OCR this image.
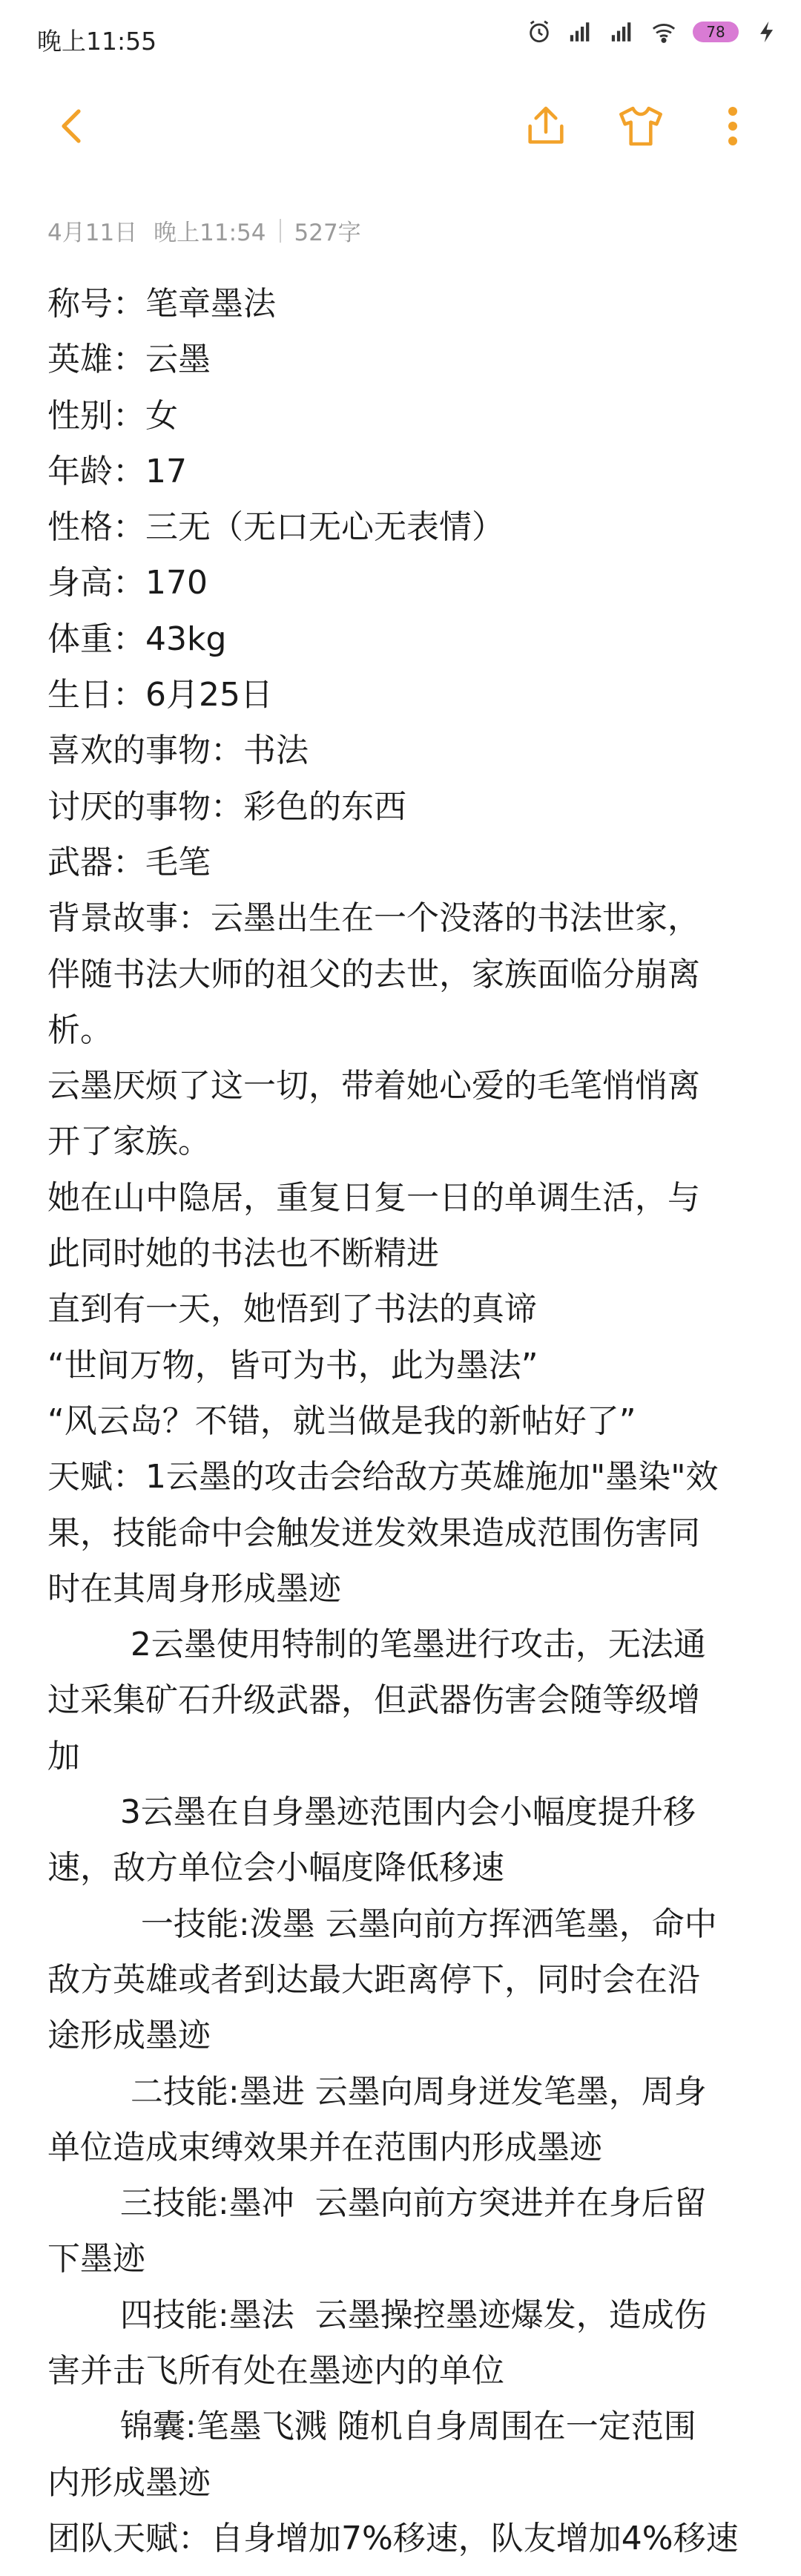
晚上11:55	78
4月11日 晚上11:54 527字
称号：笔章墨法
英雄：云墨
性别：女
年龄：17
性格：三无（无口无心无表情）
身高：170
体重：43kg
生日：6月25日
喜欢的事物：书法
讨厌的事物：彩色的东西
武器：毛笔
背景故事：云墨出生在一个没落的书法世家，
伴随书法大师的祖父的去世，家族面临分崩离
析。
云墨厌烦了这一切，带着她心爱的毛笔悄悄离
开了家族。
她在山中隐居，重复日复一日的单调生活，与
此同时她的书法也不断精进
直到有一天，她悟到了书法的真谛
“世间万物，皆可为书，此为墨法”
“风云岛？不错，就当做是我的新帖好了”
天赋：1云墨的攻击会给敌方英雄施加"墨染"效
果，技能命中会触发迸发效果造成范围伤害同
时在其周身形成墨迹
2云墨使用特制的笔墨进行攻击，无法通
过采集矿石升级武器，但武器伤害会随等级增
加
3云墨在自身墨迹范围内会小幅度提升移
速，敌方单位会小幅度降低移速
一技能:泼墨 云墨向前方挥洒笔墨，命中
敌方英雄或者到达最大距离停下，同时会在沿
途形成墨迹
二技能:墨进 云墨向周身迸发笔墨，周身
单位造成束缚效果并在范围内形成墨迹
三技能:墨冲  云墨向前方突进并在身后留
下墨迹
四技能:墨法  云墨操控墨迹爆发，造成伤
害并击飞所有处在墨迹内的单位
锦囊:笔墨飞溅 随机自身周围在一定范围
内形成墨迹
团队天赋：自身增加7%移速，队友增加4%移速
